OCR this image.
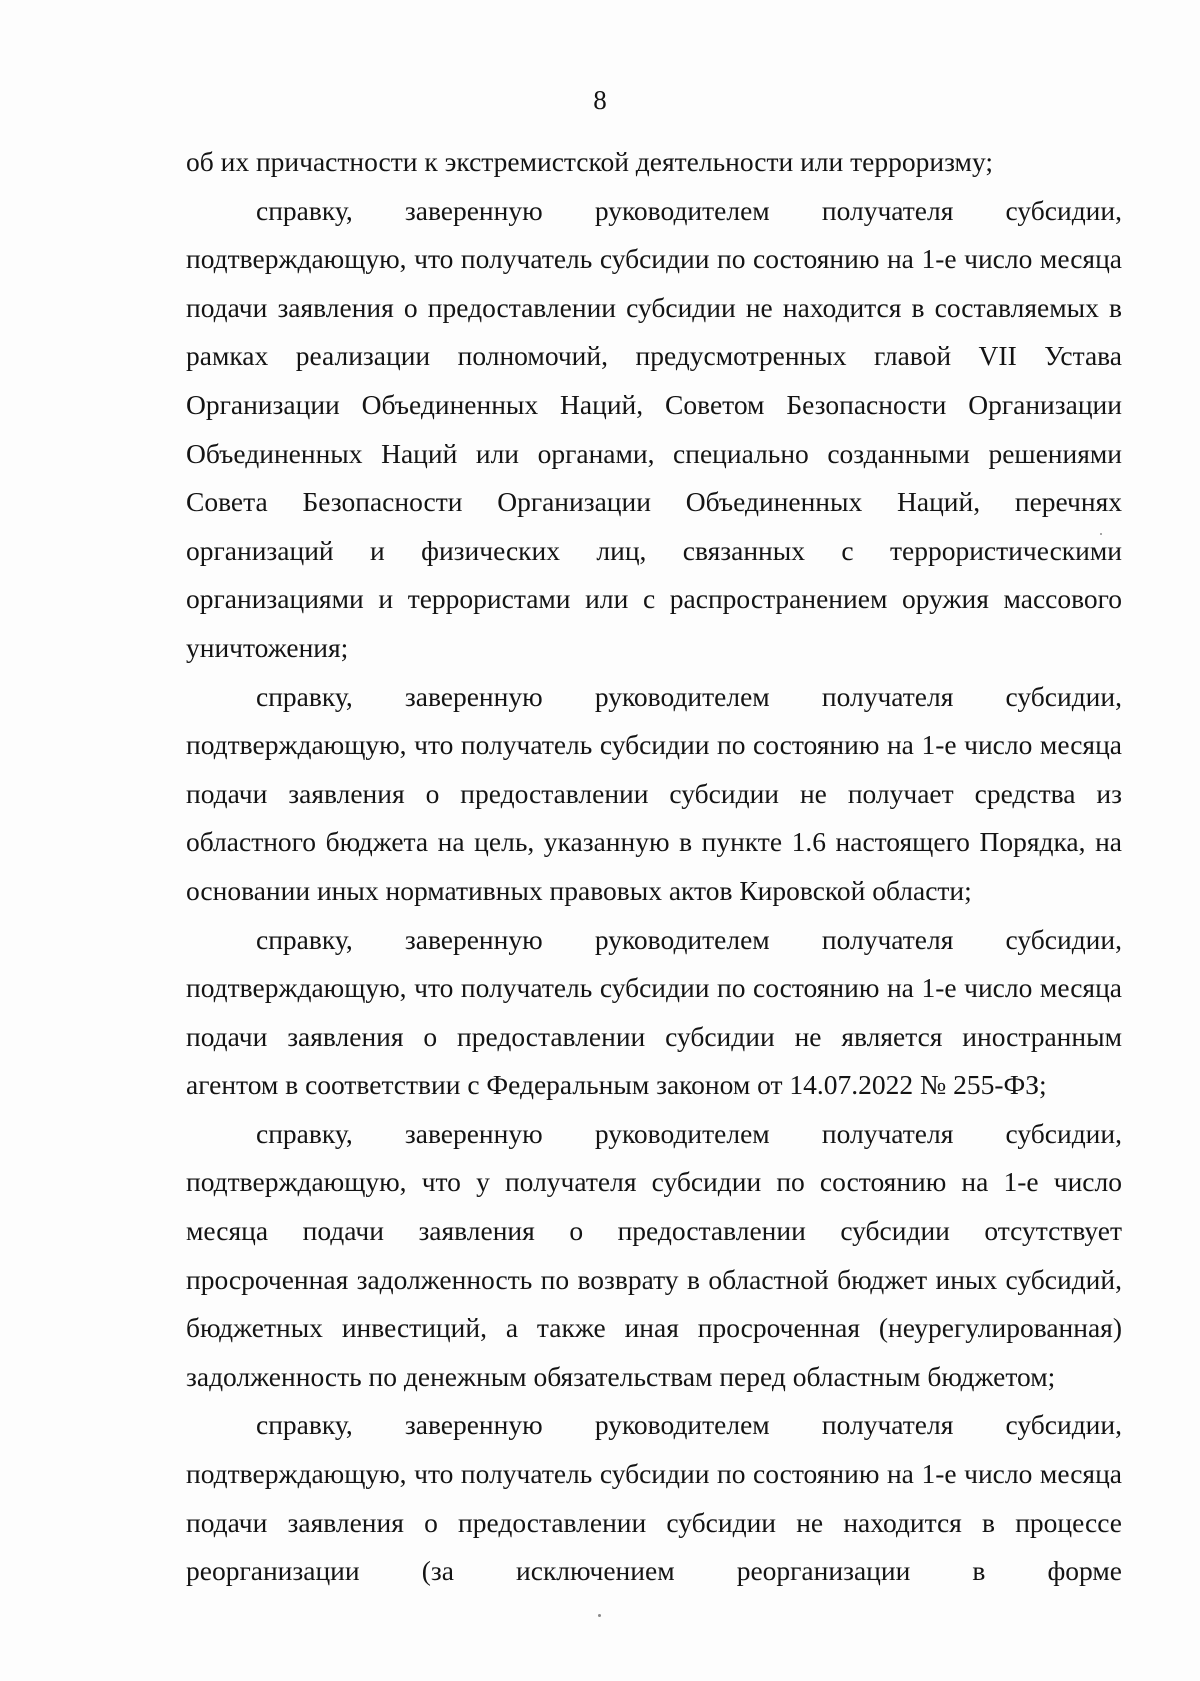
8

об их причастности к экстремистской деятельности или терроризму;

справку, заверенную руководителем получателя субсидии, подтверждающую, что получатель субсидии по состоянию на 1-е число месяца подачи заявления о предоставлении субсидии не находится в составляемых в рамках реализации полномочий, предусмотренных главой VII Устава Организации Объединенных Наций, Советом Безопасности Организации Объединенных Наций или органами, специально созданными решениями Совета Безопасности Организации Объединенных Наций, перечнях организаций и физических лиц, связанных с террористическими организациями и террористами или с распространением оружия массового уничтожения;

справку, заверенную руководителем получателя субсидии, подтверждающую, что получатель субсидии по состоянию на 1-е число месяца подачи заявления о предоставлении субсидии не получает средства из областного бюджета на цель, указанную в пункте 1.6 настоящего Порядка, на основании иных нормативных правовых актов Кировской области;

справку, заверенную руководителем получателя субсидии, подтверждающую, что получатель субсидии по состоянию на 1-е число месяца подачи заявления о предоставлении субсидии не является иностранным агентом в соответствии с Федеральным законом от 14.07.2022 № 255-ФЗ;

справку, заверенную руководителем получателя субсидии, подтверждающую, что у получателя субсидии по состоянию на 1-е число месяца подачи заявления о предоставлении субсидии отсутствует просроченная задолженность по возврату в областной бюджет иных субсидий, бюджетных инвестиций, а также иная просроченная (неурегулированная) задолженность по денежным обязательствам перед областным бюджетом;

справку, заверенную руководителем получателя субсидии, подтверждающую, что получатель субсидии по состоянию на 1-е число месяца подачи заявления о предоставлении субсидии не находится в процессе реорганизации (за исключением реорганизации в форме
